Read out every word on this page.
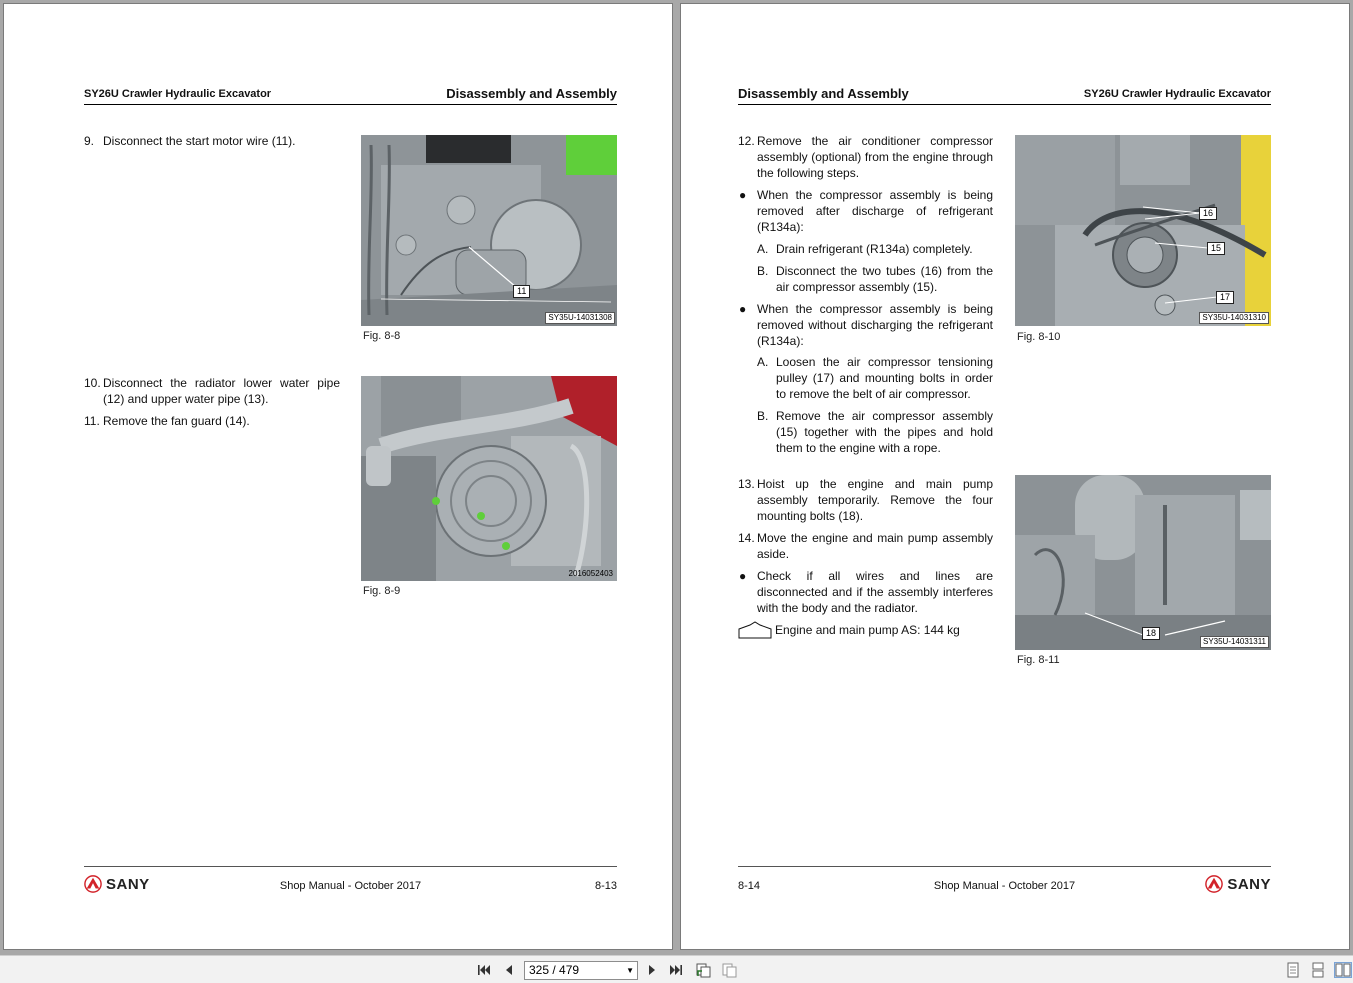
SY26U Crawler Hydraulic Excavator	Disassembly and Assembly
9. Disconnect the start motor wire (11).
11
SY35U-14031308
Fig. 8-8
10. Disconnect the radiator lower water pipe (12) and upper water pipe (13).
11. Remove the fan guard (14).
2016052403
Fig. 8-9
SANY	Shop Manual - October 2017	8-13
Disassembly and Assembly	SY26U Crawler Hydraulic Excavator
12. Remove the air conditioner compressor assembly (optional) from the engine through the following steps.
● When the compressor assembly is being removed after discharge of refrigerant (R134a):
A. Drain refrigerant (R134a) completely.
B. Disconnect the two tubes (16) from the air compressor assembly (15).
● When the compressor assembly is being removed without discharging the refrigerant (R134a):
A. Loosen the air compressor tensioning pulley (17) and mounting bolts in order to remove the belt of air compressor.
B. Remove the air compressor assembly (15) together with the pipes and hold them to the engine with a rope.
13. Hoist up the engine and main pump assembly temporarily. Remove the four mounting bolts (18).
14. Move the engine and main pump assembly aside.
● Check if all wires and lines are disconnected and if the assembly interferes with the body and the radiator.
Engine and main pump AS: 144 kg
16
15
17
SY35U-14031310
Fig. 8-10
18
SY35U-14031311
Fig. 8-11
8-14	Shop Manual - October 2017	SANY
325 / 479	▼
